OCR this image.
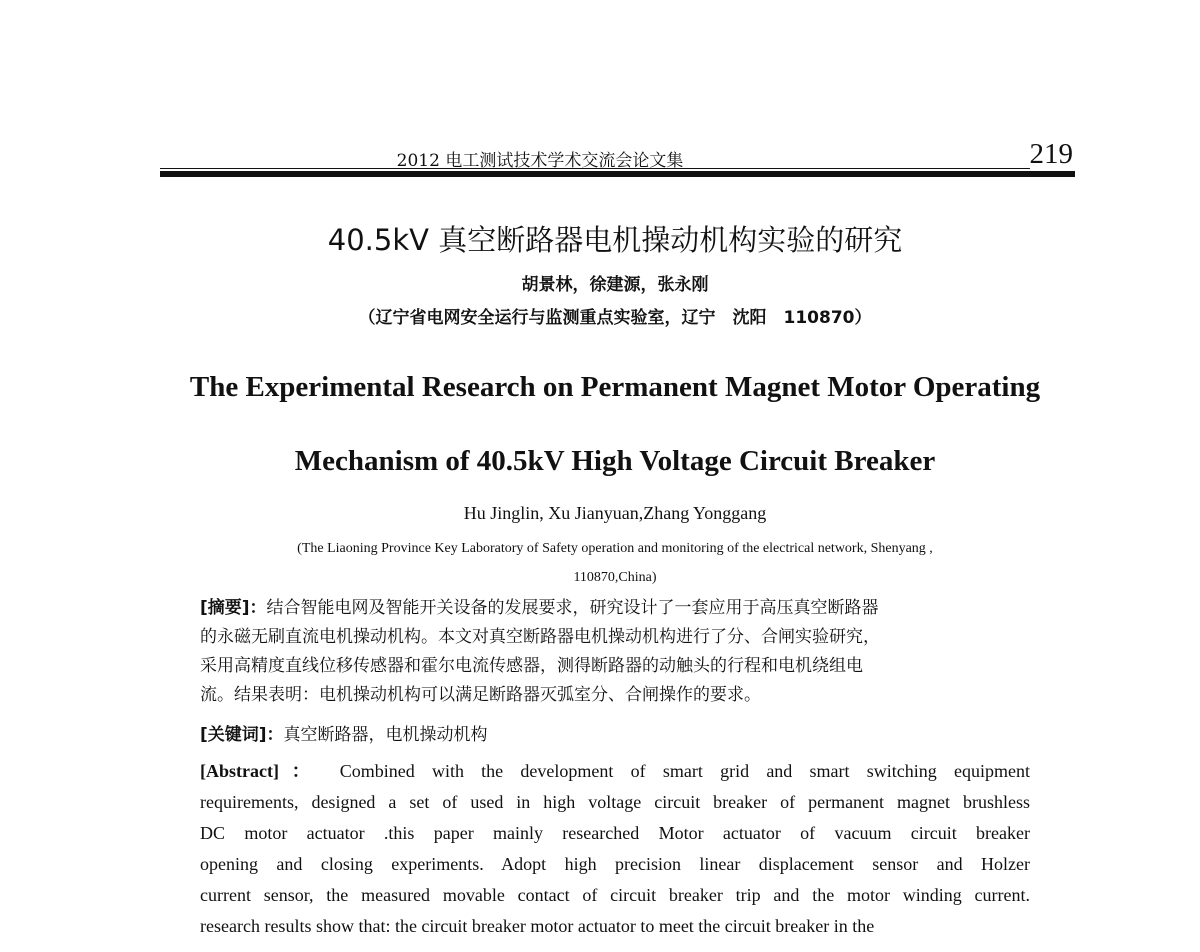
2012 电工测试技术学术交流会论文集	219
40.5kV 真空断路器电机操动机构实验的研究
胡景林，徐建源，张永刚
（辽宁省电网安全运行与监测重点实验室，辽宁　沈阳　110870）
The Experimental Research on Permanent Magnet Motor Operating
Mechanism of 40.5kV High Voltage Circuit Breaker
Hu Jinglin, Xu Jianyuan,Zhang Yonggang
(The Liaoning Province Key Laboratory of Safety operation and monitoring of the electrical network, Shenyang ,
110870,China)
[摘要]：结合智能电网及智能开关设备的发展要求，研究设计了一套应用于高压真空断路器
的永磁无刷直流电机操动机构。本文对真空断路器电机操动机构进行了分、合闸实验研究，
采用高精度直线位移传感器和霍尔电流传感器，测得断路器的动触头的行程和电机绕组电
流。结果表明：电机操动机构可以满足断路器灭弧室分、合闸操作的要求。
[关键词]：真空断路器，电机操动机构
[Abstract]： Combined with the development of smart grid and smart switching equipment
requirements, designed a set of used in high voltage circuit breaker of permanent magnet brushless
DC motor actuator .this paper mainly researched Motor actuator of vacuum circuit breaker
opening and closing experiments. Adopt high precision linear displacement sensor and Holzer
current sensor, the measured movable contact of circuit breaker trip and the motor winding current.
research results show that: the circuit breaker motor actuator to meet the circuit breaker in the
